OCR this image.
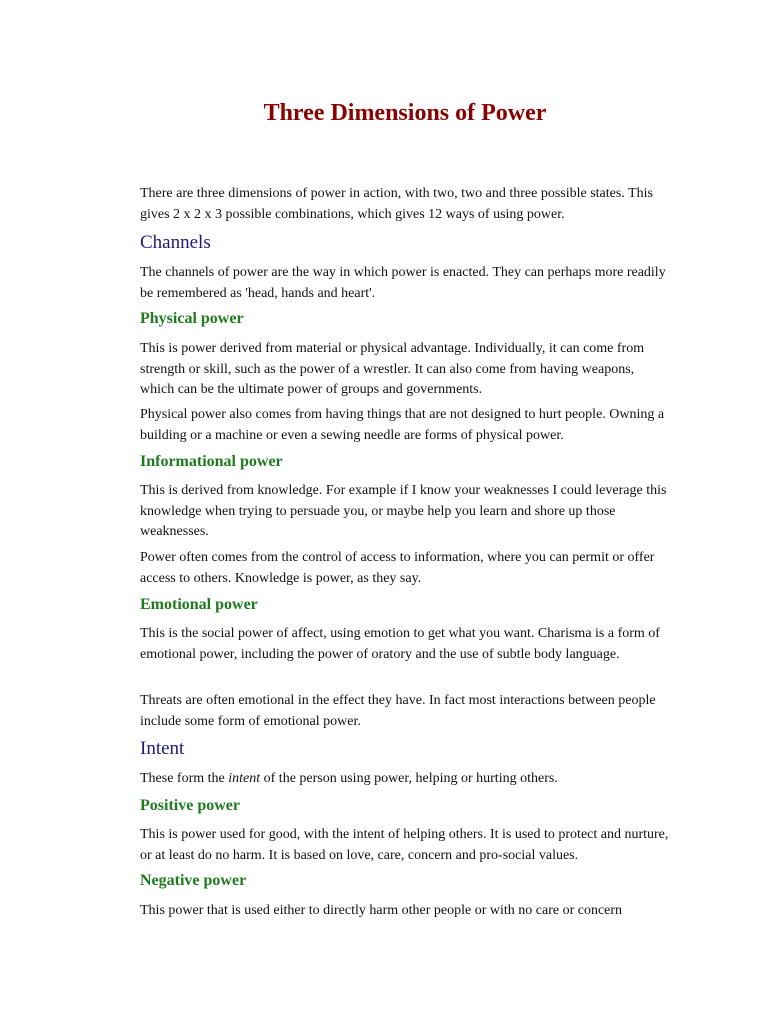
Three Dimensions of Power

There are three dimensions of power in action, with two, two and three possible states. This gives 2 x 2 x 3 possible combinations, which gives 12 ways of using power.

Channels

The channels of power are the way in which power is enacted. They can perhaps more readily be remembered as 'head, hands and heart'.

Physical power

This is power derived from material or physical advantage. Individually, it can come from strength or skill, such as the power of a wrestler. It can also come from having weapons, which can be the ultimate power of groups and governments.

Physical power also comes from having things that are not designed to hurt people. Owning a building or a machine or even a sewing needle are forms of physical power.

Informational power

This is derived from knowledge. For example if I know your weaknesses I could leverage this knowledge when trying to persuade you, or maybe help you learn and shore up those weaknesses.

Power often comes from the control of access to information, where you can permit or offer access to others. Knowledge is power, as they say.

Emotional power

This is the social power of affect, using emotion to get what you want. Charisma is a form of emotional power, including the power of oratory and the use of subtle body language.

Threats are often emotional in the effect they have. In fact most interactions between people include some form of emotional power.

Intent

These form the intent of the person using power, helping or hurting others.

Positive power

This is power used for good, with the intent of helping others. It is used to protect and nurture, or at least do no harm. It is based on love, care, concern and pro-social values.

Negative power

This power that is used either to directly harm other people or with no care or concern
